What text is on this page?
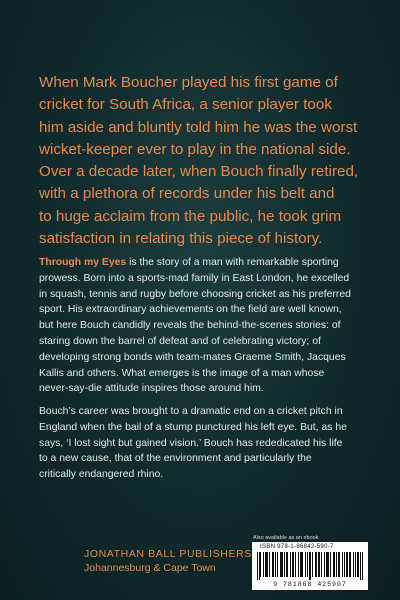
When Mark Boucher played his first game of
cricket for South Africa, a senior player took
him aside and bluntly told him he was the worst
wicket-keeper ever to play in the national side.
Over a decade later, when Bouch finally retired,
with a plethora of records under his belt and
to huge acclaim from the public, he took grim
satisfaction in relating this piece of history.

Through my Eyes is the story of a man with remarkable sporting
prowess. Born into a sports-mad family in East London, he excelled
in squash, tennis and rugby before choosing cricket as his preferred
sport. His extraordinary achievements on the field are well known,
but here Bouch candidly reveals the behind-the-scenes stories: of
staring down the barrel of defeat and of celebrating victory; of
developing strong bonds with team-mates Graeme Smith, Jacques
Kallis and others. What emerges is the image of a man whose
never-say-die attitude inspires those around him.

Bouch’s career was brought to a dramatic end on a cricket pitch in
England when the bail of a stump punctured his left eye. But, as he
says, ‘I lost sight but gained vision.’ Bouch has rededicated his life
to a new cause, that of the environment and particularly the
critically endangered rhino.

JONATHAN BALL PUBLISHERS

Johannesburg & Cape Town

Also available as an ebook

ISBN 978-1-86842-590-7

9 781868 425907
